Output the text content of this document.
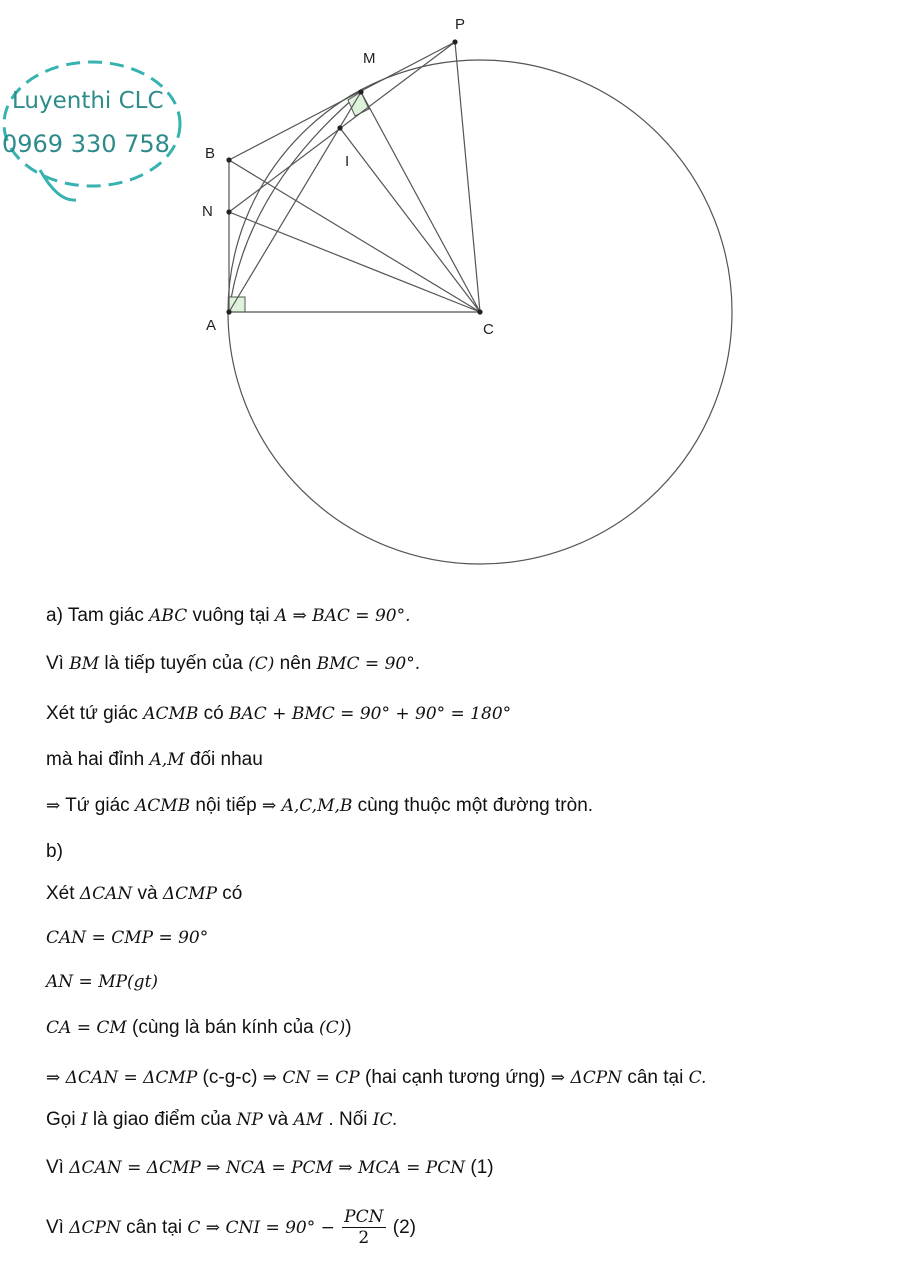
P
M
B	I
N
A	C
Luyenthi CLC
0969 330 758
a) Tam giác ABC vuông tại A ⇒ BAC = 90°.
Vì BM là tiếp tuyến của (C) nên BMC = 90°.
Xét tứ giác ACMB có BAC + BMC = 90° + 90° = 180°
mà hai đỉnh A,M đối nhau
⇒ Tứ giác ACMB nội tiếp ⇒ A,C,M,B cùng thuộc một đường tròn.
b)
Xét ΔCAN và ΔCMP có
CAN = CMP = 90°
AN = MP(gt)
CA = CM (cùng là bán kính của (C))
⇒ ΔCAN = ΔCMP (c-g-c) ⇒ CN = CP (hai cạnh tương ứng) ⇒ ΔCPN cân tại C.
Gọi I là giao điểm của NP và AM . Nối IC.
Vì ΔCAN = ΔCMP ⇒ NCA = PCM ⇒ MCA = PCN (1)
Vì ΔCPN cân tại C ⇒ CNI = $90^\circ - \frac{\text{PCN}}{2} (2)$
